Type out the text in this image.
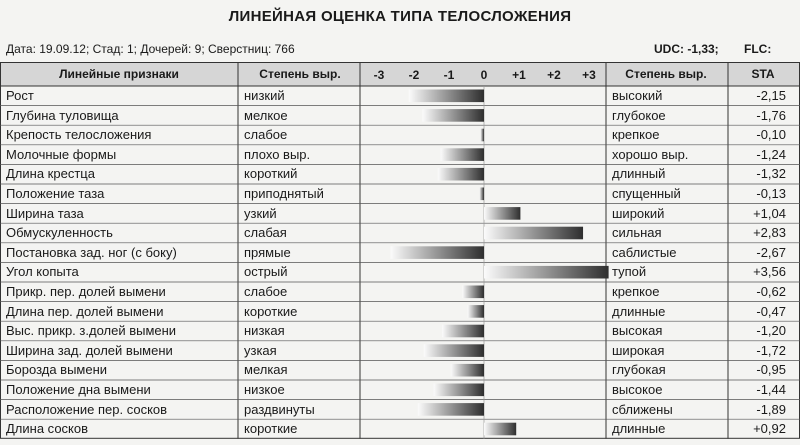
ЛИНЕЙНАЯ ОЦЕНКА ТИПА ТЕЛОСЛОЖЕНИЯ
Дата: 19.09.12; Стад: 1; Дочерей: 9; Сверстниц: 766	UDC: -1,33; FLC:
-3 -2 -1 0 +1 +2 +3
Линейные признаки	Степень выр.	Степень выр.	STA
Рост	низкий	высокий	-2,15
Глубина туловища	мелкое	глубокое	-1,76
Крепость телосложения	слабое	крепкое	-0,10
Молочные формы	плохо выр.	хорошо выр.	-1,24
Длина крестца	короткий	длинный	-1,32
Положение таза	приподнятый	спущенный	-0,13
Ширина таза	узкий	широкий	+1,04
Обмускуленность	слабая	сильная	+2,83
Постановка зад. ног (с боку)	прямые	саблистые	-2,67
Угол копыта	острый	тупой	+3,56
Прикр. пер. долей вымени	слабое	крепкое	-0,62
Длина пер. долей вымени	короткие	длинные	-0,47
Выс. прикр. з.долей вымени	низкая	высокая	-1,20
Ширина зад. долей вымени	узкая	широкая	-1,72
Борозда вымени	мелкая	глубокая	-0,95
Положение дна вымени	низкое	высокое	-1,44
Расположение пер. сосков	раздвинуты	сближены	-1,89
Длина сосков	короткие	длинные	+0,92
